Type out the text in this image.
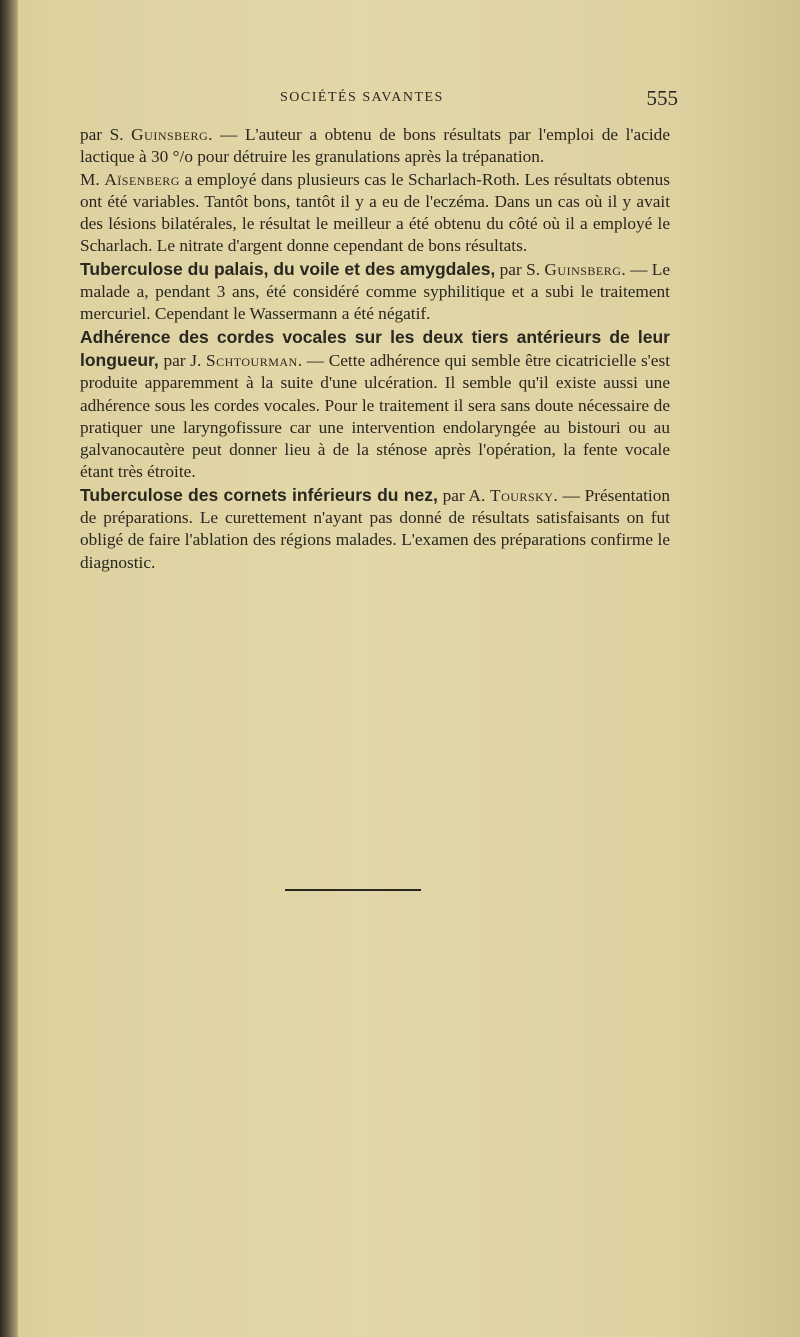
SOCIÉTÉS SAVANTES	555

par S. Guinsberg. — L'auteur a obtenu de bons résultats par l'emploi de l'acide lactique à 30 °/o pour détruire les granulations après la trépanation.

M. Aïsenberg a employé dans plusieurs cas le Scharlach-Roth. Les résultats obtenus ont été variables. Tantôt bons, tantôt il y a eu de l'eczéma. Dans un cas où il y avait des lésions bilatérales, le résultat le meilleur a été obtenu du côté où il a employé le Scharlach. Le nitrate d'argent donne cependant de bons résultats.

Tuberculose du palais, du voile et des amygdales, par S. Guinsberg. — Le malade a, pendant 3 ans, été considéré comme syphilitique et a subi le traitement mercuriel. Cependant le Wassermann a été négatif.

Adhérence des cordes vocales sur les deux tiers antérieurs de leur longueur, par J. Schtourman. — Cette adhérence qui semble être cicatricielle s'est produite apparemment à la suite d'une ulcération. Il semble qu'il existe aussi une adhérence sous les cordes vocales. Pour le traitement il sera sans doute nécessaire de pratiquer une laryngofissure car une intervention endolaryngée au bistouri ou au galvanocautère peut donner lieu à de la sténose après l'opération, la fente vocale étant très étroite.

Tuberculose des cornets inférieurs du nez, par A. Toursky. — Présentation de préparations. Le curettement n'ayant pas donné de résultats satisfaisants on fut obligé de faire l'ablation des régions malades. L'examen des préparations confirme le diagnostic.
